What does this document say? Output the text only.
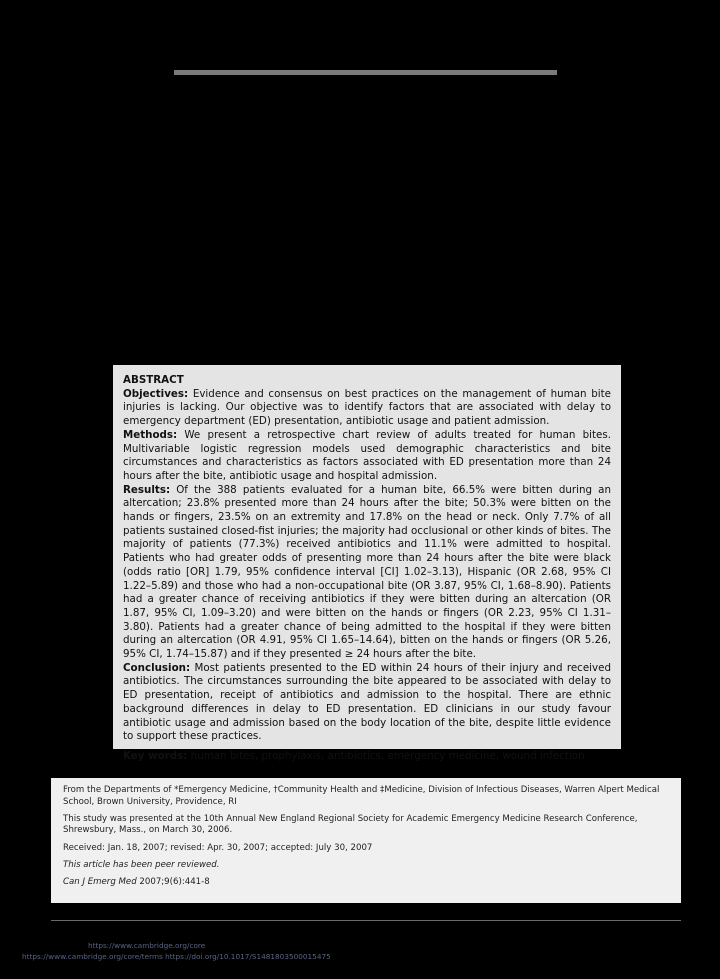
ABSTRACT

Objectives: Evidence and consensus on best practices on the management of human bite injuries is lacking. Our objective was to identify factors that are associated with delay to emergency department (ED) presentation, antibiotic usage and patient admission.

Methods: We present a retrospective chart review of adults treated for human bites. Multivariable logistic regression models used demographic characteristics and bite circumstances and characteristics as factors associated with ED presentation more than 24 hours after the bite, antibiotic usage and hospital admission.

Results: Of the 388 patients evaluated for a human bite, 66.5% were bitten during an altercation; 23.8% presented more than 24 hours after the bite; 50.3% were bitten on the hands or fingers, 23.5% on an extremity and 17.8% on the head or neck. Only 7.7% of all patients sustained closed-fist injuries; the majority had occlusional or other kinds of bites. The majority of patients (77.3%) received antibiotics and 11.1% were admitted to hospital. Patients who had greater odds of presenting more than 24 hours after the bite were black (odds ratio [OR] 1.79, 95% confidence interval [CI] 1.02–3.13), Hispanic (OR 2.68, 95% CI 1.22–5.89) and those who had a non-occupational bite (OR 3.87, 95% CI, 1.68–8.90). Patients had a greater chance of receiving antibiotics if they were bitten during an altercation (OR 1.87, 95% CI, 1.09–3.20) and were bitten on the hands or fingers (OR 2.23, 95% CI 1.31–3.80). Patients had a greater chance of being admitted to the hospital if they were bitten during an altercation (OR 4.91, 95% CI 1.65–14.64), bitten on the hands or fingers (OR 5.26, 95% CI, 1.74–15.87) and if they presented ≥ 24 hours after the bite.

Conclusion: Most patients presented to the ED within 24 hours of their injury and received antibiotics. The circumstances surrounding the bite appeared to be associated with delay to ED presentation, receipt of antibiotics and admission to the hospital. There are ethnic background differences in delay to ED presentation. ED clinicians in our study favour antibiotic usage and admission based on the body location of the bite, despite little evidence to support these practices.

Key words: human bites, prophylaxis, antibiotics, emergency medicine, wound infection

From the Departments of *Emergency Medicine, †Community Health and ‡Medicine, Division of Infectious Diseases, Warren Alpert Medical School, Brown University, Providence, RI

This study was presented at the 10th Annual New England Regional Society for Academic Emergency Medicine Research Conference, Shrewsbury, Mass., on March 30, 2006.

Received: Jan. 18, 2007; revised: Apr. 30, 2007; accepted: July 30, 2007

This article has been peer reviewed.

Can J Emerg Med 2007;9(6):441-8

https://www.cambridge.org/core
https://www.cambridge.org/core/terms https://doi.org/10.1017/S1481803500015475
